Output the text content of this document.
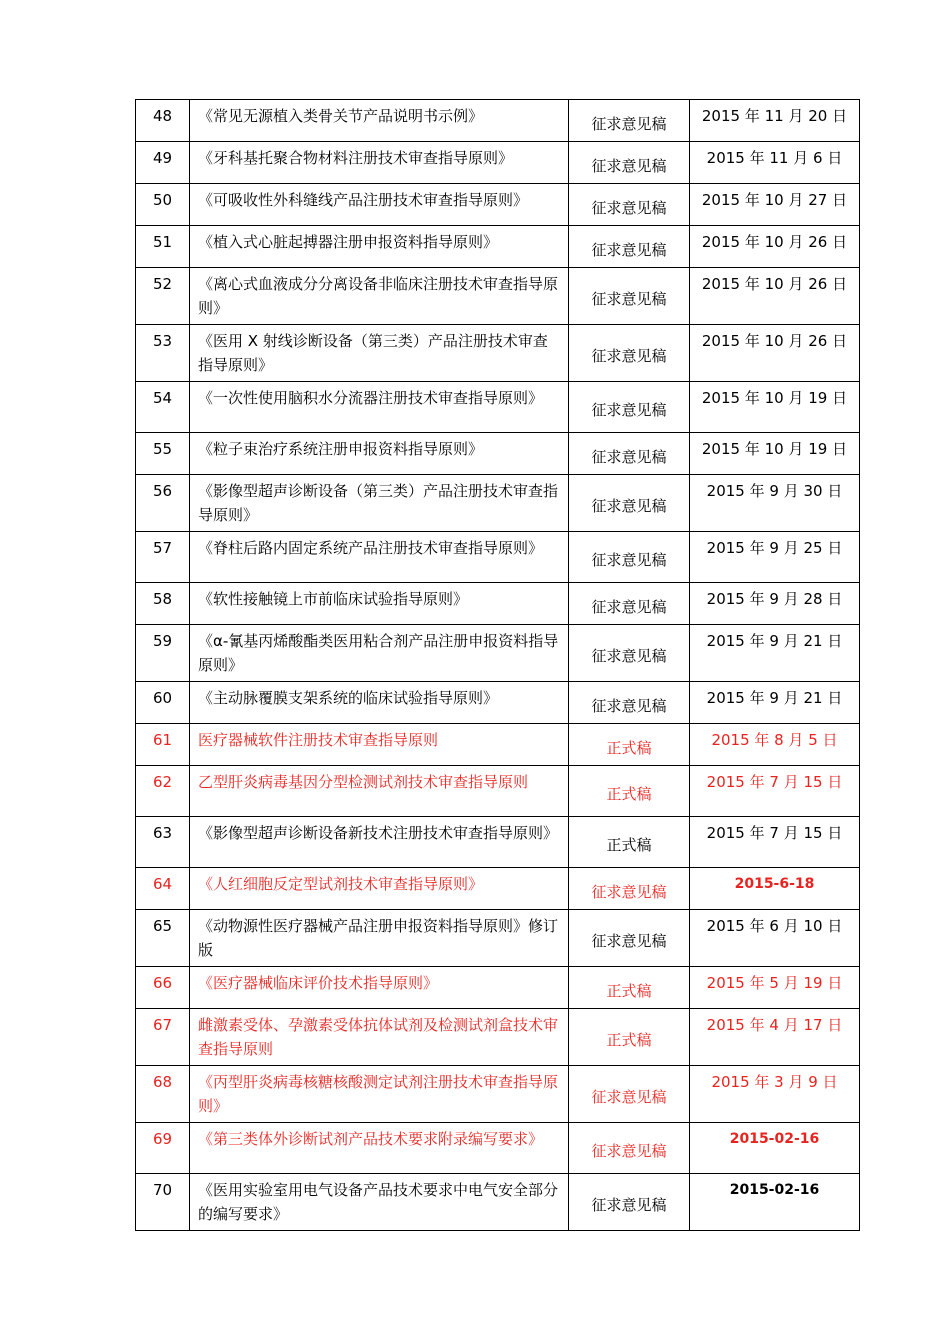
48	《常见无源植入类骨关节产品说明书示例》	征求意见稿	2015 年 11 月 20 日
49	《牙科基托聚合物材料注册技术审查指导原则》	征求意见稿	2015 年 11 月 6 日
50	《可吸收性外科缝线产品注册技术审查指导原则》	征求意见稿	2015 年 10 月 27 日
51	《植入式心脏起搏器注册申报资料指导原则》	征求意见稿	2015 年 10 月 26 日
52	《离心式血液成分分离设备非临床注册技术审查指导原则》	征求意见稿	2015 年 10 月 26 日
53	《医用 X 射线诊断设备（第三类）产品注册技术审查指导原则》	征求意见稿	2015 年 10 月 26 日
54	《一次性使用脑积水分流器注册技术审查指导原则》	征求意见稿	2015 年 10 月 19 日
55	《粒子束治疗系统注册申报资料指导原则》	征求意见稿	2015 年 10 月 19 日
56	《影像型超声诊断设备（第三类）产品注册技术审查指导原则》	征求意见稿	2015 年 9 月 30 日
57	《脊柱后路内固定系统产品注册技术审查指导原则》	征求意见稿	2015 年 9 月 25 日
58	《软性接触镜上市前临床试验指导原则》	征求意见稿	2015 年 9 月 28 日
59	《α-氰基丙烯酸酯类医用粘合剂产品注册申报资料指导原则》	征求意见稿	2015 年 9 月 21 日
60	《主动脉覆膜支架系统的临床试验指导原则》	征求意见稿	2015 年 9 月 21 日
61	医疗器械软件注册技术审查指导原则	正式稿	2015 年 8 月 5 日
62	乙型肝炎病毒基因分型检测试剂技术审查指导原则	正式稿	2015 年 7 月 15 日
63	《影像型超声诊断设备新技术注册技术审查指导原则》	正式稿	2015 年 7 月 15 日
64	《人红细胞反定型试剂技术审查指导原则》	征求意见稿	2015-6-18
65	《动物源性医疗器械产品注册申报资料指导原则》修订版	征求意见稿	2015 年 6 月 10 日
66	《医疗器械临床评价技术指导原则》	正式稿	2015 年 5 月 19 日
67	雌激素受体、孕激素受体抗体试剂及检测试剂盒技术审查指导原则	正式稿	2015 年 4 月 17 日
68	《丙型肝炎病毒核糖核酸测定试剂注册技术审查指导原则》	征求意见稿	2015 年 3 月 9 日
69	《第三类体外诊断试剂产品技术要求附录编写要求》	征求意见稿	2015-02-16
70	《医用实验室用电气设备产品技术要求中电气安全部分的编写要求》	征求意见稿	2015-02-16
